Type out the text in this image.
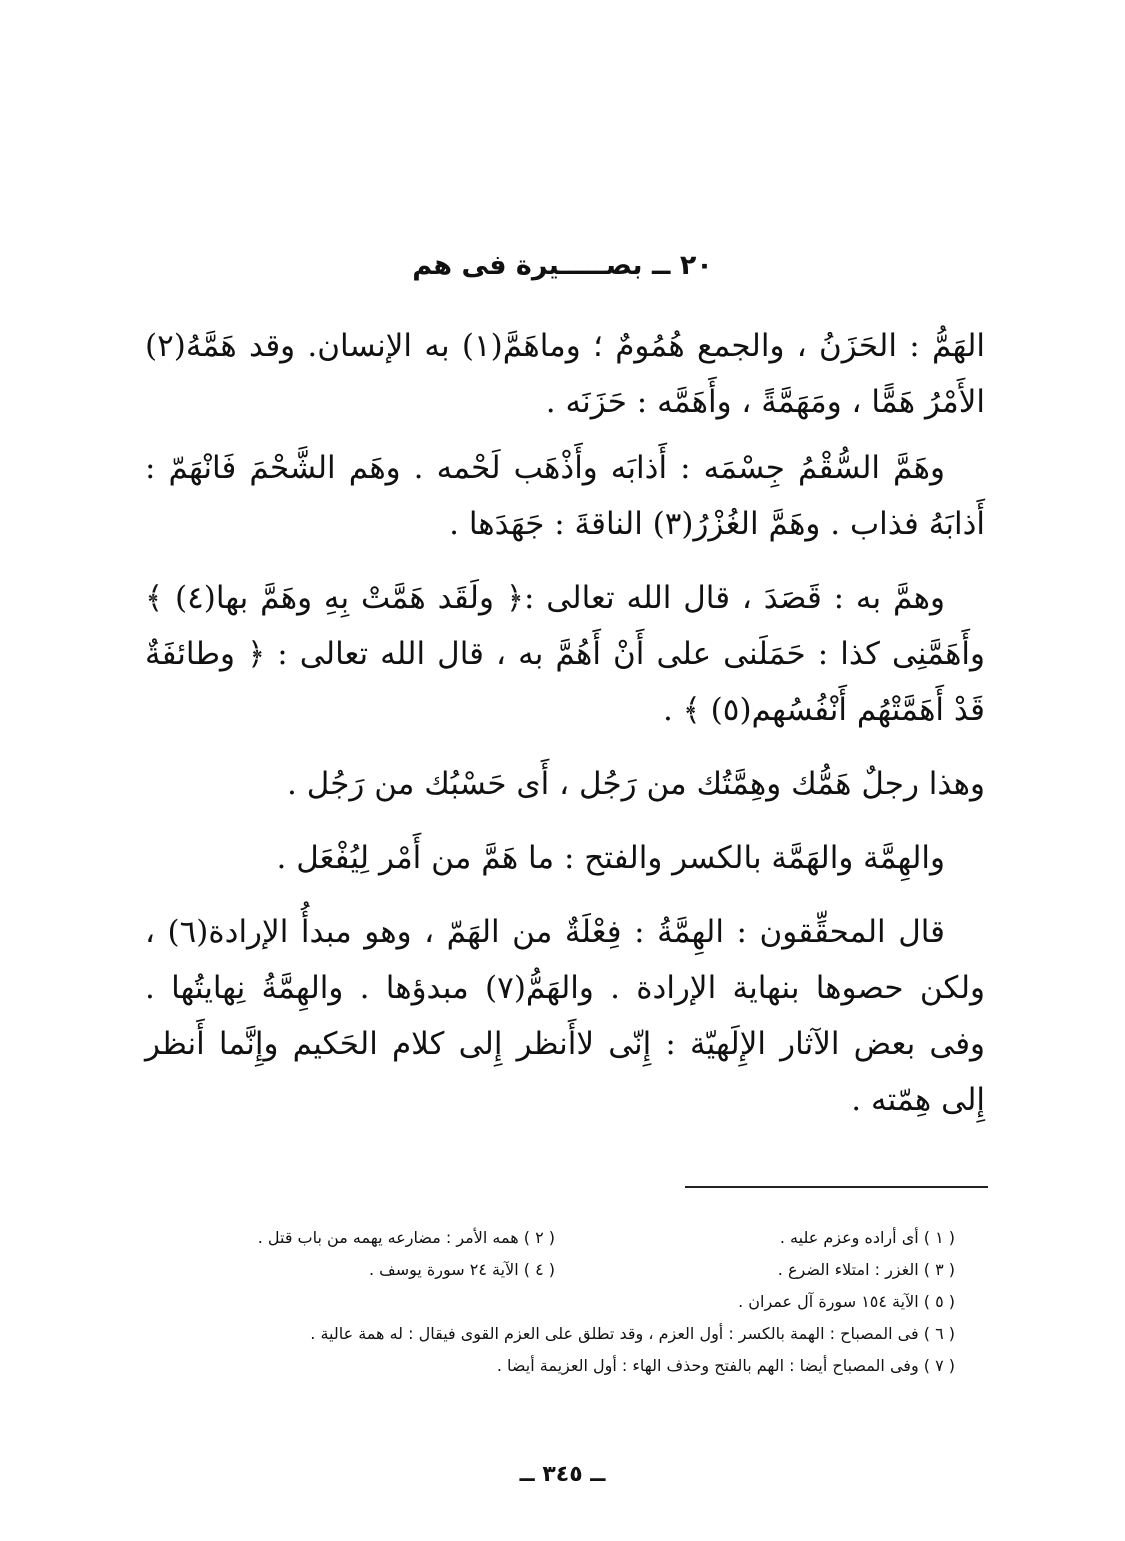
٢٠ ــ بصـــــيرة فى هم

الهَمُّ : الحَزَنُ ، والجمع هُمُومٌ ؛ وماهَمَّ(١) به الإنسان. وقد هَمَّهُ(٢) الأَمْرُ هَمًّا ، ومَهَمَّةً ، وأَهَمَّه : حَزَنَه .

وهَمَّ السُّقْمُ جِسْمَه : أَذابَه وأَذْهَب لَحْمه . وهَم الشَّحْمَ فَانْهَمّ : أَذابَهُ فذاب . وهَمَّ الغُزْرُ(٣) الناقةَ : جَهَدَها .

وهمَّ به : قَصَدَ ، قال الله تعالى :﴿ ولَقَد هَمَّتْ بِهِ وهَمَّ بها(٤) ﴾ وأَهَمَّنِى كذا : حَمَلَنى على أَنْ أَهُمَّ به ، قال الله تعالى : ﴿ وطائفَةٌ قَدْ أَهَمَّتْهُم أَنْفُسُهم(٥) ﴾ .

وهذا رجلٌ هَمُّك وهِمَّتُك من رَجُل ، أَى حَسْبُك من رَجُل .

والهِمَّة والهَمَّة بالكسر والفتح : ما هَمَّ من أَمْر لِيُفْعَل .

قال المحقِّقون : الهِمَّةُ : فِعْلَةٌ من الهَمّ ، وهو مبدأُ الإرادة(٦) ، ولكن حصوها بنهاية الإرادة . والهَمُّ(٧) مبدؤها . والهِمَّةُ نِهايتُها . وفى بعض الآثار الإِلَهيّة : إِنّى لاأَنظر إِلى كلام الحَكيم وإِنَّما أَنظر إِلى هِمّته .

( ١ ) أى أراده وعزم عليه .
( ٢ ) همه الأمر : مضارعه يهمه من باب قتل .
( ٣ ) الغزر : امتلاء الضرع .
( ٤ ) الآية ٢٤ سورة يوسف .
( ٥ ) الآية ١٥٤ سورة آل عمران .
( ٦ ) فى المصباح : الهمة بالكسر : أول العزم ، وقد تطلق على العزم القوى فيقال : له همة عالية .
( ٧ ) وفى المصباح أيضا : الهم بالفتح وحذف الهاء : أول العزيمة أيضا .
ــ ٣٤٥ ــ
